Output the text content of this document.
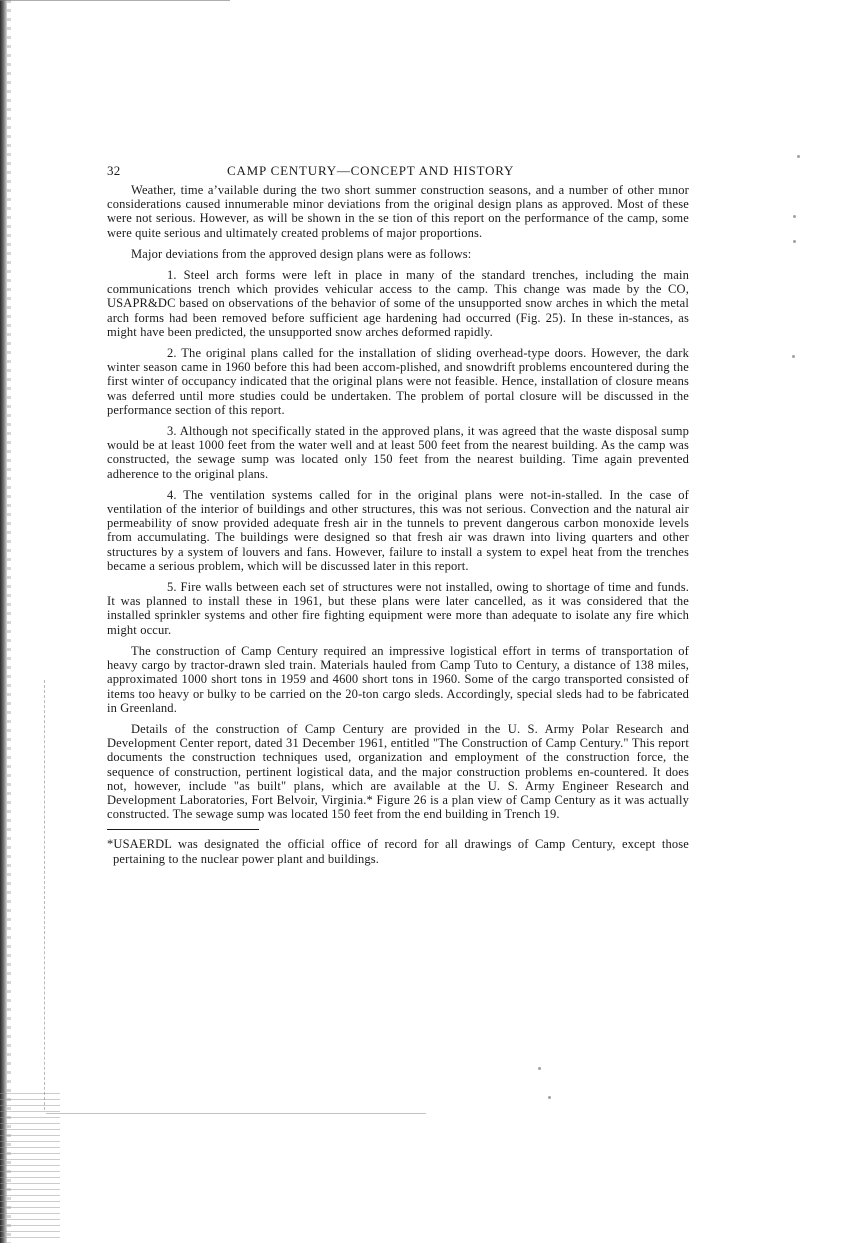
32	CAMP CENTURY—CONCEPT AND HISTORY

Weather, time a’vailable during the two short summer construction seasons, and a number of other mınor considerations caused innumerable minor deviations from the original design plans as approved. Most of these were not serious. However, as will be shown in the se tion of this report on the performance of the camp, some were quite serious and ultimately created problems of major proportions.

Major deviations from the approved design plans were as follows:

1. Steel arch forms were left in place in many of the standard trenches, including the main communications trench which provides vehicular access to the camp. This change was made by the CO, USAPR&DC based on observations of the behavior of some of the unsupported snow arches in which the metal arch forms had been removed before sufficient age hardening had occurred (Fig. 25). In these in-stances, as might have been predicted, the unsupported snow arches deformed rapidly.

2. The original plans called for the installation of sliding overhead-type doors. However, the dark winter season came in 1960 before this had been accom-plished, and snowdrift problems encountered during the first winter of occupancy indicated that the original plans were not feasible. Hence, installation of closure means was deferred until more studies could be undertaken. The problem of portal closure will be discussed in the performance section of this report.

3. Although not specifically stated in the approved plans, it was agreed that the waste disposal sump would be at least 1000 feet from the water well and at least 500 feet from the nearest building. As the camp was constructed, the sewage sump was located only 150 feet from the nearest building. Time again prevented adherence to the original plans.

4. The ventilation systems called for in the original plans were not-in-stalled. In the case of ventilation of the interior of buildings and other structures, this was not serious. Convection and the natural air permeability of snow provided adequate fresh air in the tunnels to prevent dangerous carbon monoxide levels from accumulating. The buildings were designed so that fresh air was drawn into living quarters and other structures by a system of louvers and fans. However, failure to install a system to expel heat from the trenches became a serious problem, which will be discussed later in this report.

5. Fire walls between each set of structures were not installed, owing to shortage of time and funds. It was planned to install these in 1961, but these plans were later cancelled, as it was considered that the installed sprinkler systems and other fire fighting equipment were more than adequate to isolate any fire which might occur.

The construction of Camp Century required an impressive logistical effort in terms of transportation of heavy cargo by tractor-drawn sled train. Materials hauled from Camp Tuto to Century, a distance of 138 miles, approximated 1000 short tons in 1959 and 4600 short tons in 1960. Some of the cargo transported consisted of items too heavy or bulky to be carried on the 20-ton cargo sleds. Accordingly, special sleds had to be fabricated in Greenland.

Details of the construction of Camp Century are provided in the U. S. Army Polar Research and Development Center report, dated 31 December 1961, entitled "The Construction of Camp Century." This report documents the construction techniques used, organization and employment of the construction force, the sequence of construction, pertinent logistical data, and the major construction problems en-countered. It does not, however, include "as built" plans, which are available at the U. S. Army Engineer Research and Development Laboratories, Fort Belvoir, Virginia.* Figure 26 is a plan view of Camp Century as it was actually constructed. The sewage sump was located 150 feet from the end building in Trench 19.

*USAERDL was designated the official office of record for all drawings of Camp Century, except those pertaining to the nuclear power plant and buildings.
